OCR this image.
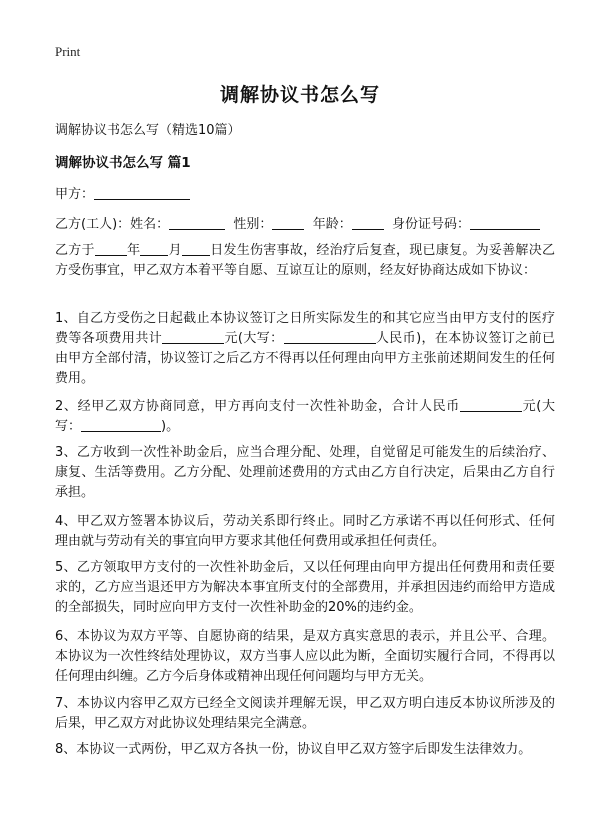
Print
调解协议书怎么写

调解协议书怎么写（精选10篇）

调解协议书怎么写 篇1

甲方：

乙方(工人)：姓名：	性别：	年龄：	身份证号码：

乙方于 年 月 日发生伤害事故，经治疗后复查，现已康复。为妥善解决乙方受伤事宜，甲乙双方本着平等自愿、互谅互让的原则，经友好协商达成如下协议：

1、自乙方受伤之日起截止本协议签订之日所实际发生的和其它应当由甲方支付的医疗费等各项费用共计	元(大写：	人民币)，在本协议签订之前已由甲方全部付清，协议签订之后乙方不得再以任何理由向甲方主张前述期间发生的任何费用。

2、经甲乙双方协商同意，甲方再向支付一次性补助金，合计人民币	元(大写：	)。

3、乙方收到一次性补助金后，应当合理分配、处理，自觉留足可能发生的后续治疗、康复、生活等费用。乙方分配、处理前述费用的方式由乙方自行决定，后果由乙方自行承担。

4、甲乙双方签署本协议后，劳动关系即行终止。同时乙方承诺不再以任何形式、任何理由就与劳动有关的事宜向甲方要求其他任何费用或承担任何责任。

5、乙方领取甲方支付的一次性补助金后，又以任何理由向甲方提出任何费用和责任要求的，乙方应当退还甲方为解决本事宜所支付的全部费用，并承担因违约而给甲方造成的全部损失，同时应向甲方支付一次性补助金的20%的违约金。

6、本协议为双方平等、自愿协商的结果，是双方真实意思的表示，并且公平、合理。本协议为一次性终结处理协议，双方当事人应以此为断，全面切实履行合同，不得再以任何理由纠缠。乙方今后身体或精神出现任何问题均与甲方无关。

7、本协议内容甲乙双方已经全文阅读并理解无误，甲乙双方明白违反本协议所涉及的后果，甲乙双方对此协议处理结果完全满意。

8、本协议一式两份，甲乙双方各执一份，协议自甲乙双方签字后即发生法律效力。
